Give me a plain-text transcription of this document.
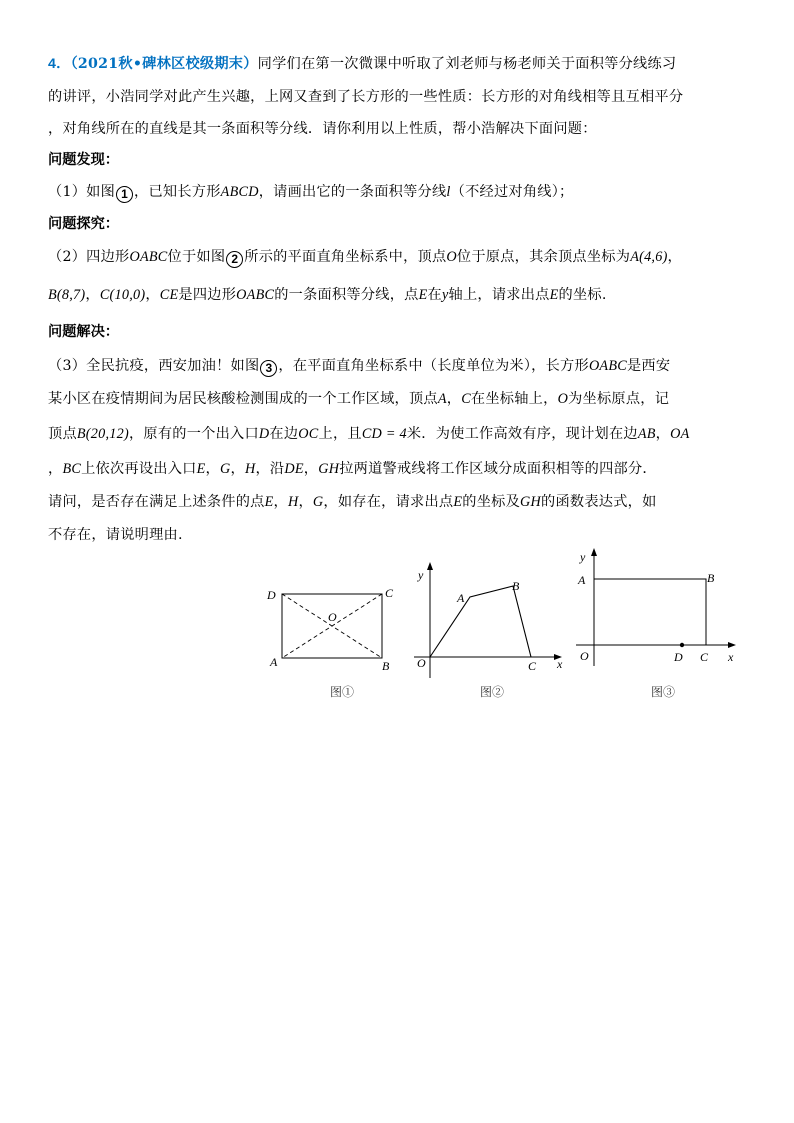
4．（2021秋•碑林区校级期末）同学们在第一次微课中听取了刘老师与杨老师关于面积等分线练习
的讲评，小浩同学对此产生兴趣，上网又查到了长方形的一些性质：长方形的对角线相等且互相平分
，对角线所在的直线是其一条面积等分线．请你利用以上性质，帮小浩解决下面问题：
问题发现：
（1）如图 1 ，已知长方形ABCD，请画出它的一条面积等分线l（不经过对角线）；
问题探究：
（2）四边形OABC位于如图 2 所示的平面直角坐标系中，顶点O位于原点，其余顶点坐标为A(4,6)，
B(8,7)，C(10,0)，CE是四边形OABC的一条面积等分线，点E在y轴上，请求出点E的坐标.
问题解决：
（3）全民抗疫，西安加油！如图 3 ，在平面直角坐标系中（长度单位为米），长方形OABC是西安
某小区在疫情期间为居民核酸检测围成的一个工作区域，顶点A，C在坐标轴上，O为坐标原点，记
顶点B(20,12)，原有的一个出入口D在边OC上，且CD = 4米．为使工作高效有序，现计划在边AB，OA
，BC上依次再设出入口E，G，H，沿DE，GH拉两道警戒线将工作区域分成面积相等的四部分．
请问，是否存在满足上述条件的点E，H，G，如存在，请求出点E的坐标及GH的函数表达式，如
不存在，请说明理由.
D	C
O
A	B
图①
y
A
B
O	C x
图②
y
A	B
O	D C x
图③
